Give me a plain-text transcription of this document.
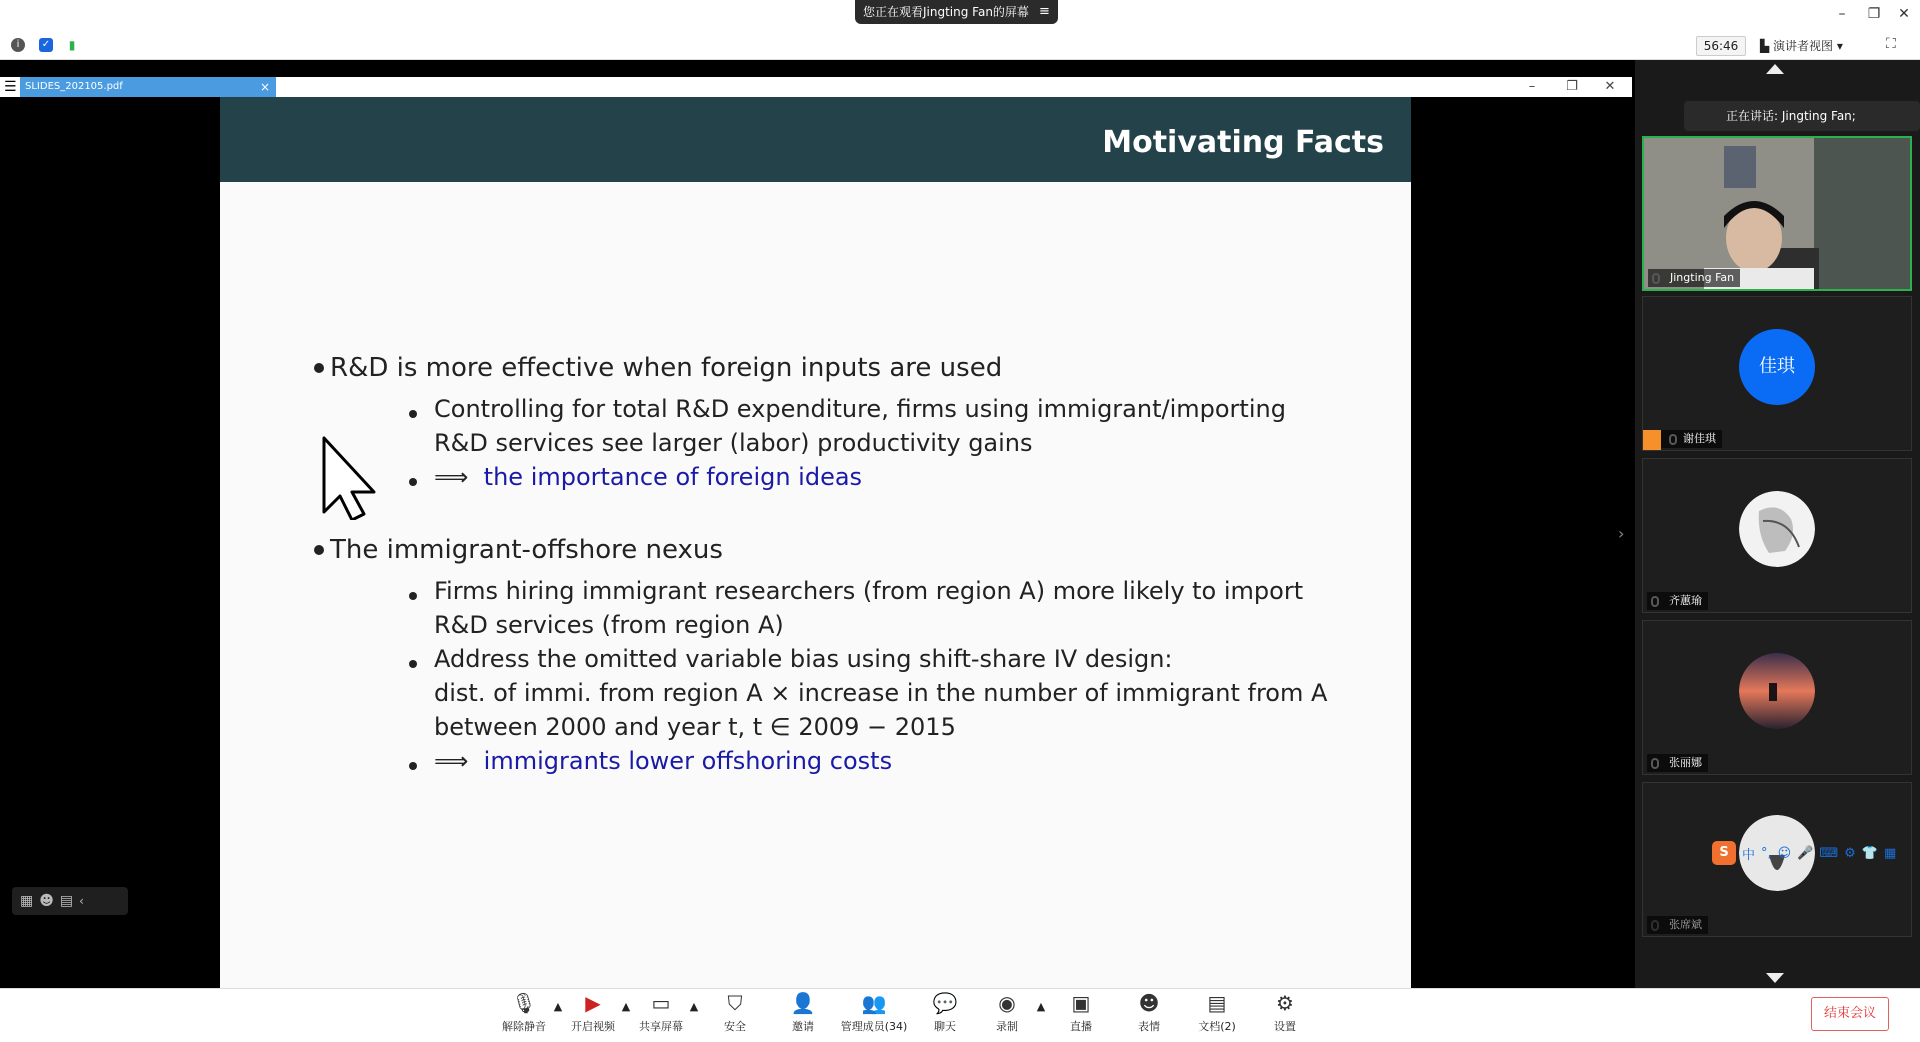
您正在观看Jingting Fan的屏幕 ≡	–	❐ ✕
i	✓	▮	56:46	▙ 演讲者视图 ▾	⛶
☰ SLIDES_202105.pdf	×	–	❐	✕
Motivating Facts
R&D is more effective when foreign inputs are used
Controlling for total R&D expenditure, firms using immigrant/importing
R&D services see larger (labor) productivity gains
⟹ the importance of foreign ideas
The immigrant-offshore nexus
Firms hiring immigrant researchers (from region A) more likely to import
R&D services (from region A)
Address the omitted variable bias using shift-share IV design:
dist. of immi. from region A × increase in the number of immigrant from A
between 2000 and year t, t ∈ 2009 − 2015
⟹ immigrants lower offshoring costs
▦ ☻ ▤ ‹
正在讲话: Jingting Fan;
›
Jingting Fan
佳琪
谢佳琪
齐蕙瑜
张丽娜
张席斌
S	中 °, ☺ 🎤 ⌨ ⚙ 👕 ▦
🎙
解除静音
▲ ▶
开启视频
▲ ▭
共享屏幕
▲ ⛉
安全
👤
邀请
👥
管理成员(34)
💬
聊天
◉
录制
▲ ▣
直播
☻
表情
▤
文档(2)
⚙
设置
结束会议
